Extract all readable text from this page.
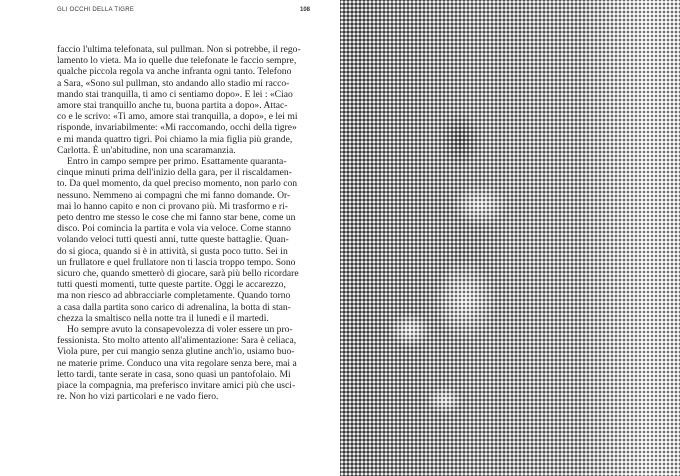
GLI OCCHI DELLA TIGRE	108

faccio l'ultima telefonata, sul pullman. Non si potrebbe, il rego-
lamento lo vieta. Ma io quelle due telefonate le faccio sempre,
qualche piccola regola va anche infranta ogni tanto. Telefono
a Sara, «Sono sul pullman, sto andando allo stadio mi racco-
mando stai tranquilla, ti amo ci sentiamo dopo». E lei : «Ciao
amore stai tranquillo anche tu, buona partita a dopo». Attac-
co e le scrivo: «Ti amo, amore stai tranquilla, a dopo», e lei mi
risponde, invariabilmente: «Mi raccomando, occhi della tigre»
e mi manda quattro tigri. Poi chiamo la mia figlia più grande,
Carlotta. È un'abitudine, non una scaramanzia.

Entro in campo sempre per primo. Esattamente quaranta-
cinque minuti prima dell'inizio della gara, per il riscaldamen-
to. Da quel momento, da quel preciso momento, non parlo con
nessuno. Nemmeno ai compagni che mi fanno domande. Or-
mai lo hanno capito e non ci provano più. Mi trasformo e ri-
peto dentro me stesso le cose che mi fanno star bene, come un
disco. Poi comincia la partita e vola via veloce. Come stanno
volando veloci tutti questi anni, tutte queste battaglie. Quan-
do si gioca, quando si è in attività, si gusta poco tutto. Sei in
un frullatore e quel frullatore non ti lascia troppo tempo. Sono
sicuro che, quando smetterò di giocare, sarà più bello ricordare
tutti questi momenti, tutte queste partite. Oggi le accarezzo,
ma non riesco ad abbracciarle completamente. Quando torno
a casa dalla partita sono carico di adrenalina, la botta di stan-
chezza la smaltisco nella notte tra il lunedì e il martedì.

Ho sempre avuto la consapevolezza di voler essere un pro-
fessionista. Sto molto attento all'alimentazione: Sara è celiaca,
Viola pure, per cui mangio senza glutine anch'io, usiamo buo-
ne materie prime. Conduco una vita regolare senza bere, mai a
letto tardi, tante serate in casa, sono quasi un pantofolaio. Mi
piace la compagnia, ma preferisco invitare amici più che usci-
re. Non ho vizi particolari e ne vado fiero.
